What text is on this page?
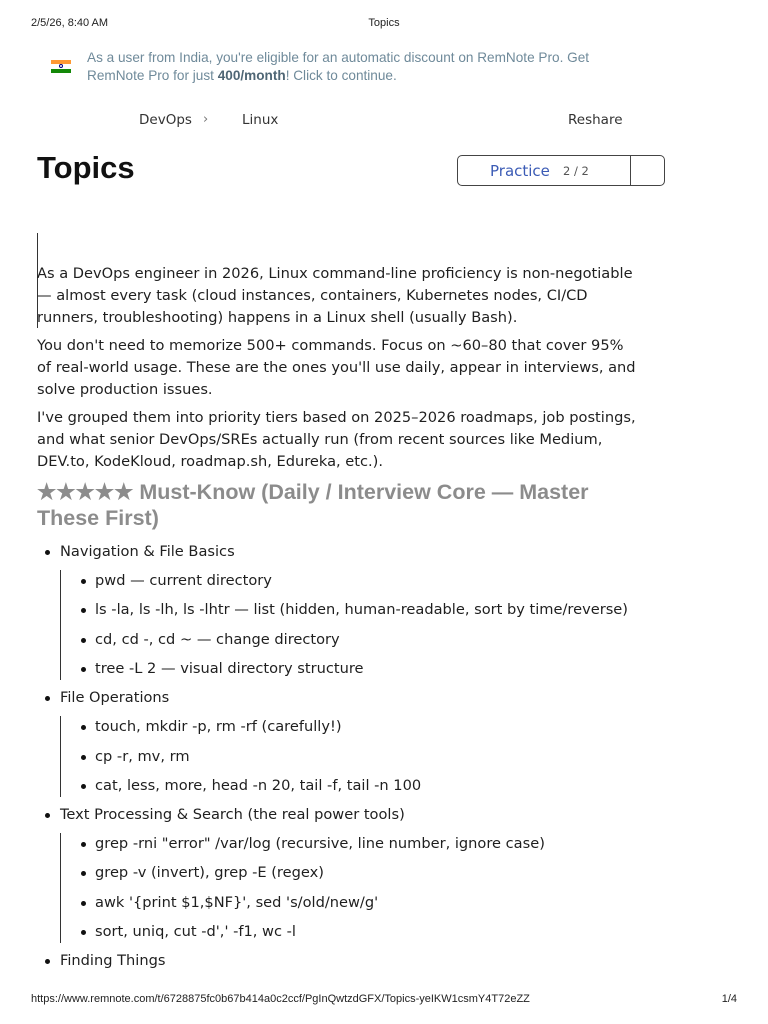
2/5/26, 8:40 AM	Topics
As a user from India, you're eligible for an automatic discount on RemNote Pro. Get RemNote Pro for just 400/month! Click to continue.
DevOps ›	Linux	Reshare
Topics	Practice 2 / 2

As a DevOps engineer in 2026, Linux command-line proficiency is non-negotiable — almost every task (cloud instances, containers, Kubernetes nodes, CI/CD runners, troubleshooting) happens in a Linux shell (usually Bash).

You don't need to memorize 500+ commands. Focus on ~60–80 that cover 95% of real-world usage. These are the ones you'll use daily, appear in interviews, and solve production issues.

I've grouped them into priority tiers based on 2025–2026 roadmaps, job postings, and what senior DevOps/SREs actually run (from recent sources like Medium, DEV.to, KodeKloud, roadmap.sh, Edureka, etc.).

★★★★★ Must-Know (Daily / Interview Core — Master These First)
Navigation & File Basics
pwd — current directory
ls -la, ls -lh, ls -lhtr — list (hidden, human-readable, sort by time/reverse)
cd, cd -, cd ~ — change directory
tree -L 2 — visual directory structure
File Operations
touch, mkdir -p, rm -rf (carefully!)
cp -r, mv, rm
cat, less, more, head -n 20, tail -f, tail -n 100
Text Processing & Search (the real power tools)
grep -rni "error" /var/log (recursive, line number, ignore case)
grep -v (invert), grep -E (regex)
awk '{print $1,$NF}', sed 's/old/new/g'
sort, uniq, cut -d',' -f1, wc -l
Finding Things
https://www.remnote.com/t/6728875fc0b67b414a0c2ccf/PgInQwtzdGFX/Topics-yeIKW1csmY4T72eZZ	1/4
